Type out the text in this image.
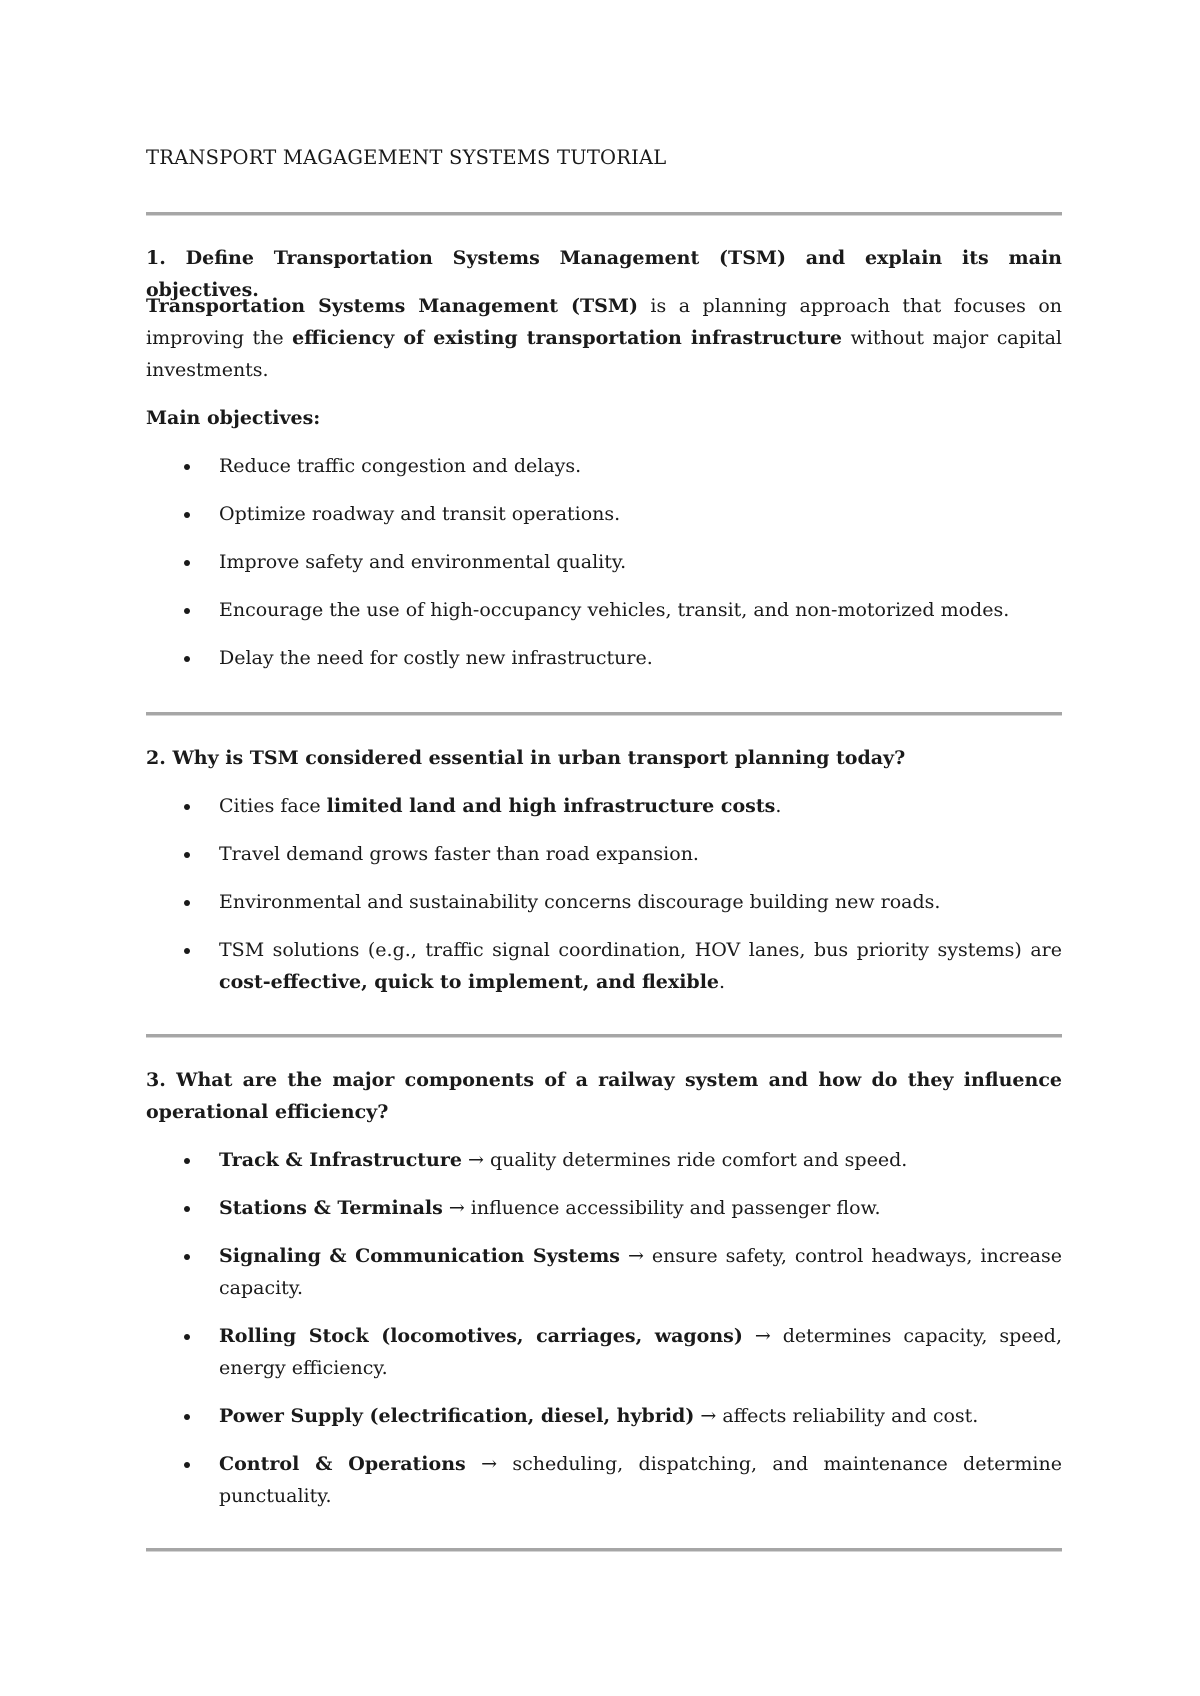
TRANSPORT MAGAGEMENT SYSTEMS TUTORIAL
1. Define Transportation Systems Management (TSM) and explain its main objectives.
Transportation Systems Management (TSM) is a planning approach that focuses on improving the efficiency of existing transportation infrastructure without major capital investments.
Main objectives:
Reduce traffic congestion and delays.
Optimize roadway and transit operations.
Improve safety and environmental quality.
Encourage the use of high-occupancy vehicles, transit, and non-motorized modes.
Delay the need for costly new infrastructure.
2. Why is TSM considered essential in urban transport planning today?
Cities face limited land and high infrastructure costs.
Travel demand grows faster than road expansion.
Environmental and sustainability concerns discourage building new roads.
TSM solutions (e.g., traffic signal coordination, HOV lanes, bus priority systems) are cost-effective, quick to implement, and flexible.
3. What are the major components of a railway system and how do they influence operational efficiency?
Track & Infrastructure → quality determines ride comfort and speed.
Stations & Terminals → influence accessibility and passenger flow.
Signaling & Communication Systems → ensure safety, control headways, increase capacity.
Rolling Stock (locomotives, carriages, wagons) → determines capacity, speed, energy efficiency.
Power Supply (electrification, diesel, hybrid) → affects reliability and cost.
Control & Operations → scheduling, dispatching, and maintenance determine punctuality.
